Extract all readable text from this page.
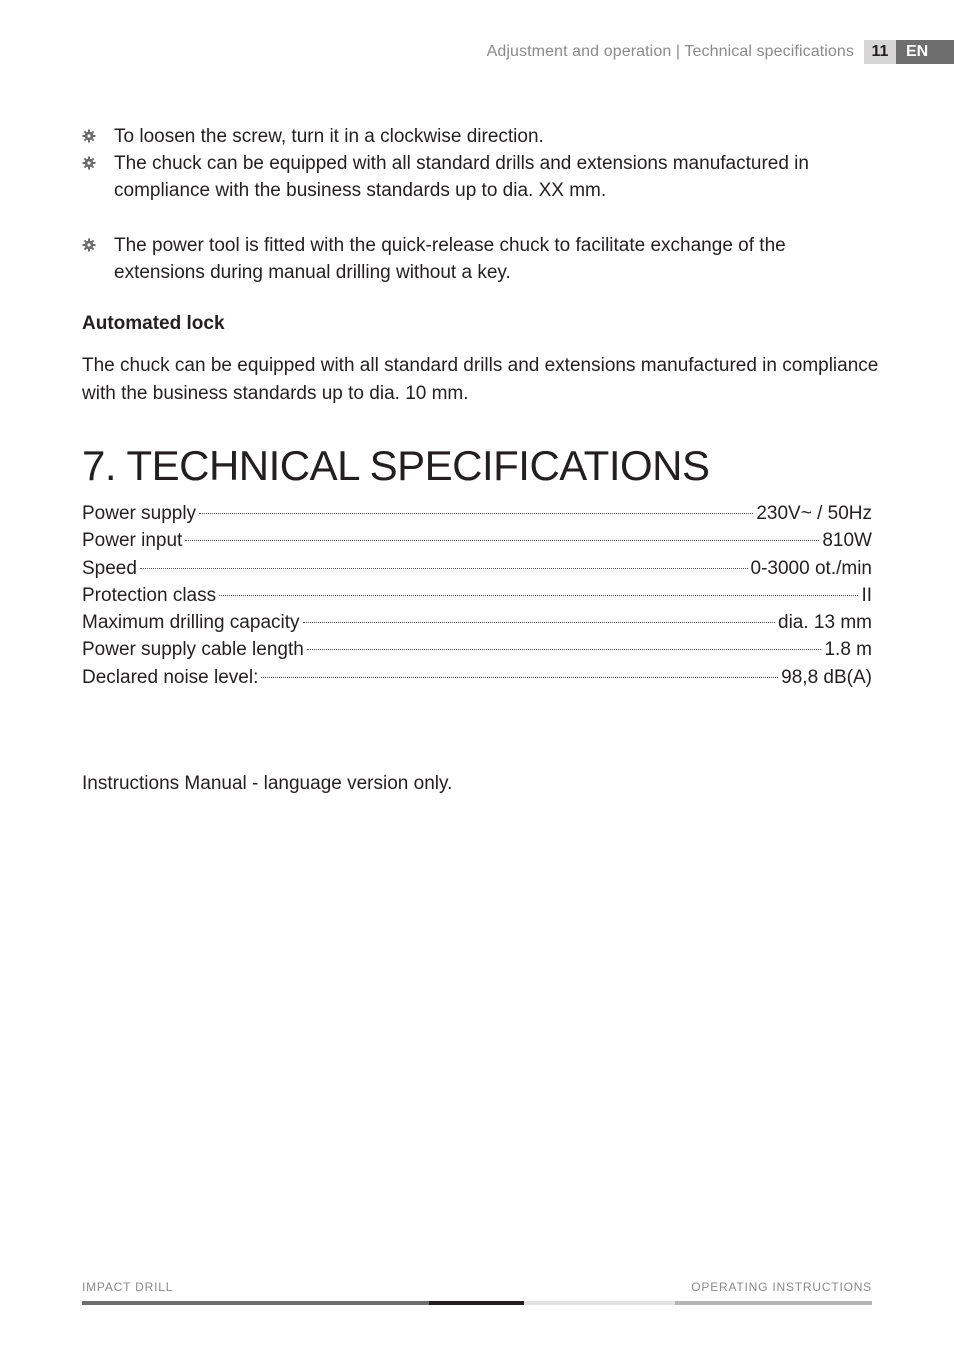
Adjustment and operation | Technical specifications	11	EN
To loosen the screw, turn it in a clockwise direction.
The chuck can be equipped with all standard drills and extensions manufactured in compliance with the business standards up to dia. XX mm.
The power tool is fitted with the quick-release chuck to facilitate exchange of the extensions during manual drilling without a key.
Automated lock
The chuck can be equipped with all standard drills and extensions manufactured in compliance with the business standards up to dia. 10 mm.
7. TECHNICAL SPECIFICATIONS
Power supply	230V~ / 50Hz
Power input	810W
Speed	0-3000 ot./min
Protection class	II
Maximum drilling capacity	dia. 13 mm
Power supply cable length	1.8 m
Declared noise level:	98,8 dB(A)
Instructions Manual - language version only.
IMPACT DRILL	OPERATING INSTRUCTIONS
